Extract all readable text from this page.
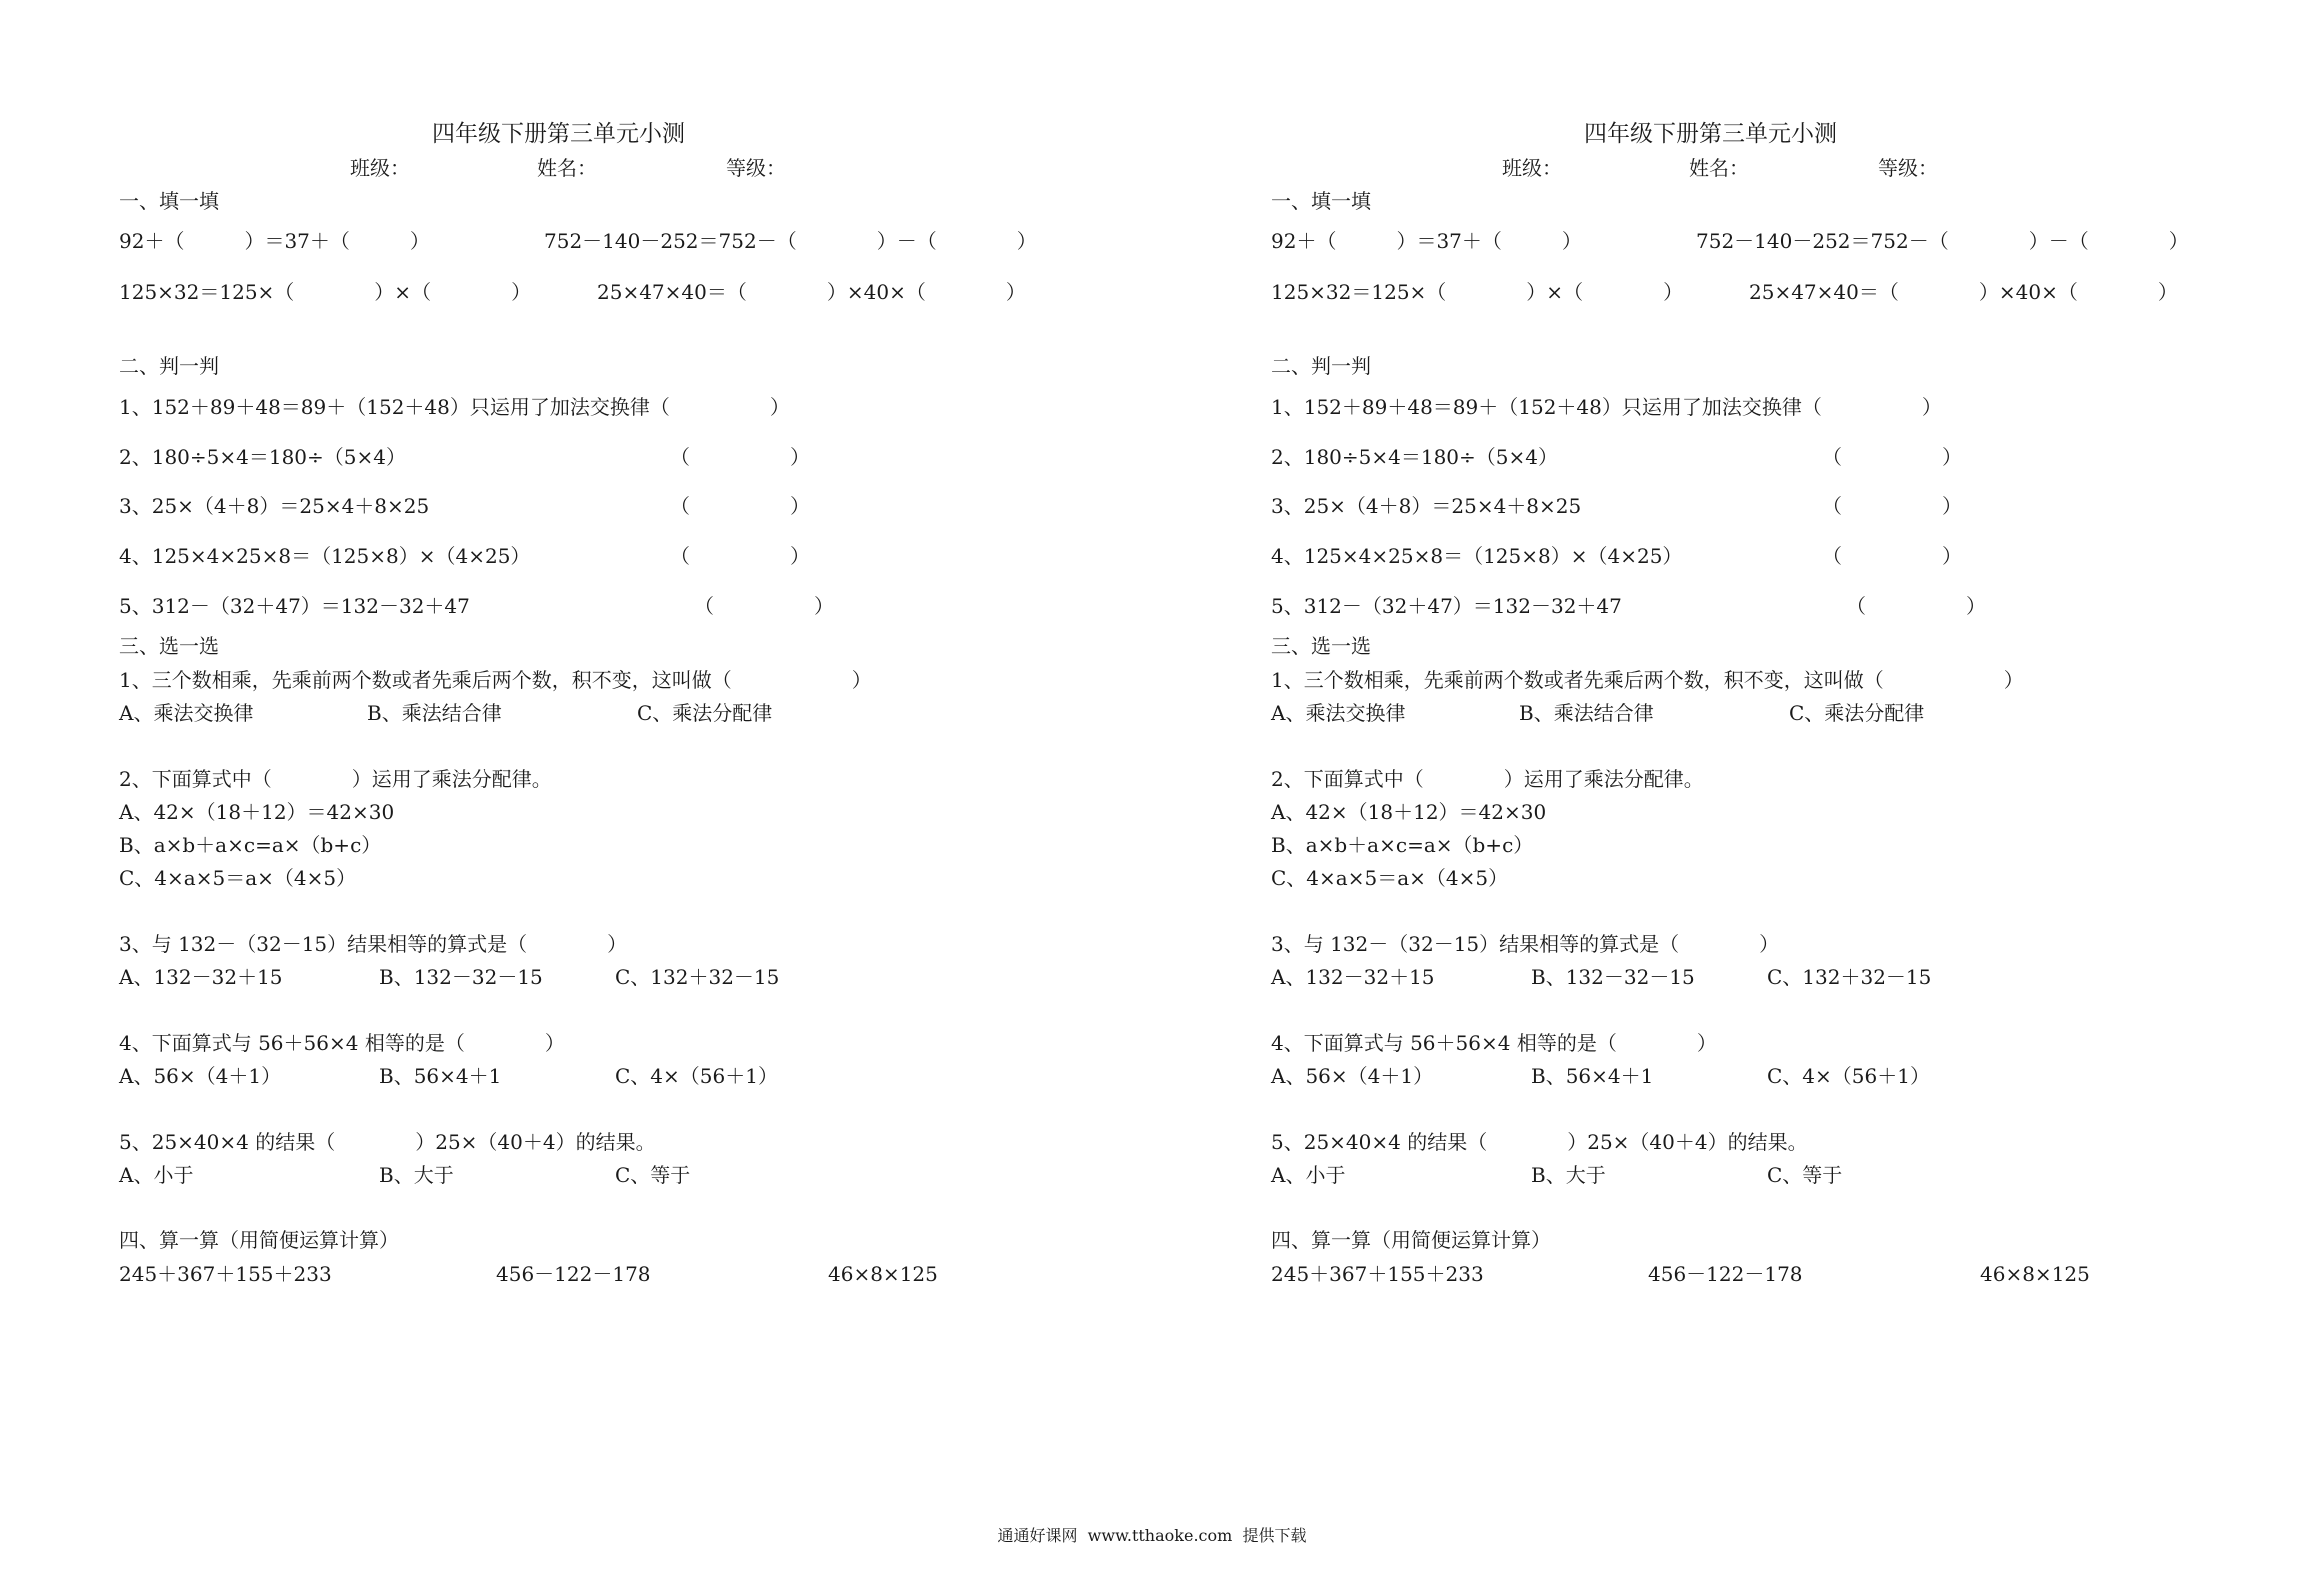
四年级下册第三单元小测
班级：	姓名：	等级：
一、填一填
92＋（　　　）＝37＋（　　　）	752－140－252＝752－（　　　　）－（　　　　）
125×32＝125×（　　　　）×（　　　　）	25×47×40＝（　　　　）×40×（　　　　）
二、判一判
1、152＋89＋48＝89＋（152＋48）只运用了加法交换律（　　　　　）
2、180÷5×4＝180÷（5×4）	（　　　　　）
3、25×（4＋8）＝25×4＋8×25	（　　　　　）
4、125×4×25×8＝（125×8）×（4×25）	（　　　　　）
5、312－（32＋47）＝132－32＋47	（　　　　　）
三、选一选
1、三个数相乘，先乘前两个数或者先乘后两个数，积不变，这叫做（　　　　　　）
A、乘法交换律	B、乘法结合律	C、乘法分配律
2、下面算式中（　　　　）运用了乘法分配律。
A、42×（18＋12）＝42×30
B、a×b＋a×c=a×（b+c）
C、4×a×5＝a×（4×5）
3、与 132－（32－15）结果相等的算式是（　　　　）
A、132－32＋15	B、132－32－15	C、132＋32－15
4、下面算式与 56＋56×4 相等的是（　　　　）
A、56×（4＋1）	B、56×4＋1	C、4×（56＋1）
5、25×40×4 的结果（　　　　）25×（40＋4）的结果。
A、小于	B、大于	C、等于
四、算一算（用简便运算计算）
245＋367＋155＋233	456－122－178	46×8×125
四年级下册第三单元小测
班级：	姓名：	等级：
一、填一填
92＋（　　　）＝37＋（　　　）	752－140－252＝752－（　　　　）－（　　　　）
125×32＝125×（　　　　）×（　　　　）	25×47×40＝（　　　　）×40×（　　　　）
二、判一判
1、152＋89＋48＝89＋（152＋48）只运用了加法交换律（　　　　　）
2、180÷5×4＝180÷（5×4）	（　　　　　）
3、25×（4＋8）＝25×4＋8×25	（　　　　　）
4、125×4×25×8＝（125×8）×（4×25）	（　　　　　）
5、312－（32＋47）＝132－32＋47	（　　　　　）
三、选一选
1、三个数相乘，先乘前两个数或者先乘后两个数，积不变，这叫做（　　　　　　）
A、乘法交换律	B、乘法结合律	C、乘法分配律
2、下面算式中（　　　　）运用了乘法分配律。
A、42×（18＋12）＝42×30
B、a×b＋a×c=a×（b+c）
C、4×a×5＝a×（4×5）
3、与 132－（32－15）结果相等的算式是（　　　　）
A、132－32＋15	B、132－32－15	C、132＋32－15
4、下面算式与 56＋56×4 相等的是（　　　　）
A、56×（4＋1）	B、56×4＋1	C、4×（56＋1）
5、25×40×4 的结果（　　　　）25×（40＋4）的结果。
A、小于	B、大于	C、等于
四、算一算（用简便运算计算）
245＋367＋155＋233	456－122－178	46×8×125
通通好课网  www.tthaoke.com  提供下载
